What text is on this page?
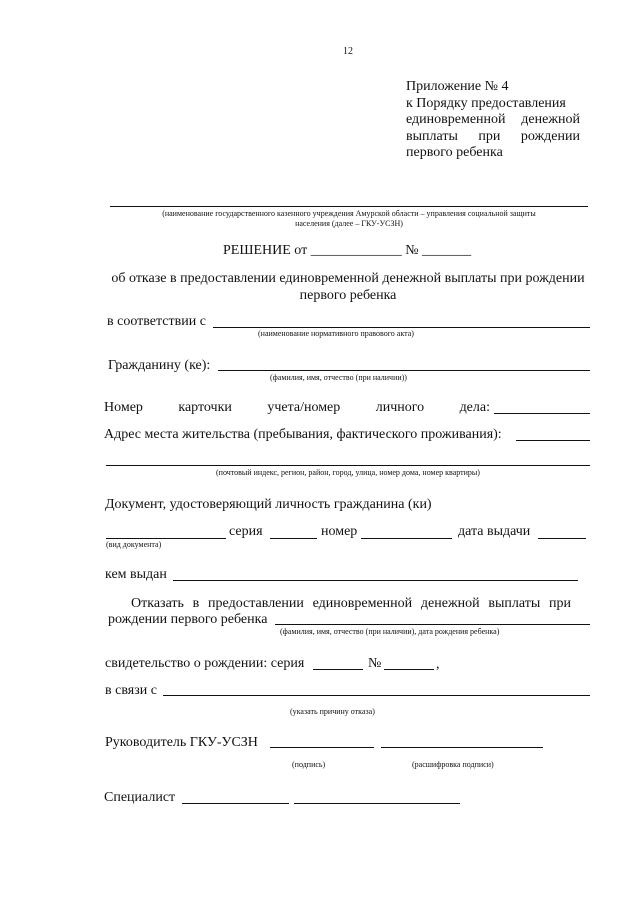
12
Приложение № 4
к Порядку предоставления
единовременной денежной
выплаты при рождении
первого ребенка
(наименование государственного казенного учреждения Амурской области – управления социальной защиты
населения (далее – ГКУ-УСЗН)
РЕШЕНИЕ от _____________ № _______
об отказе в предоставлении единовременной денежной выплаты при рождении
первого ребенка
в соответствии с
(наименование нормативного правового акта)
Гражданину (ке):
(фамилия, имя, отчество (при наличии))
Номер	карточки	учета/номер	личного	дела:
Адрес места жительства (пребывания, фактического проживания):
(почтовый индекс, регион, район, город, улица, номер дома, номер квартиры)
Документ, удостоверяющий личность гражданина (ки)
серия	номер	дата выдачи
(вид документа)
кем выдан
Отказать в предоставлении единовременной денежной выплаты при
рождении первого ребенка
(фамилия, имя, отчество (при наличии), дата рождения ребенка)
свидетельство о рождении: серия	№	,
в связи с
(указать причину отказа)
Руководитель ГКУ-УСЗН
(подпись)	(расшифровка подписи)
Специалист
